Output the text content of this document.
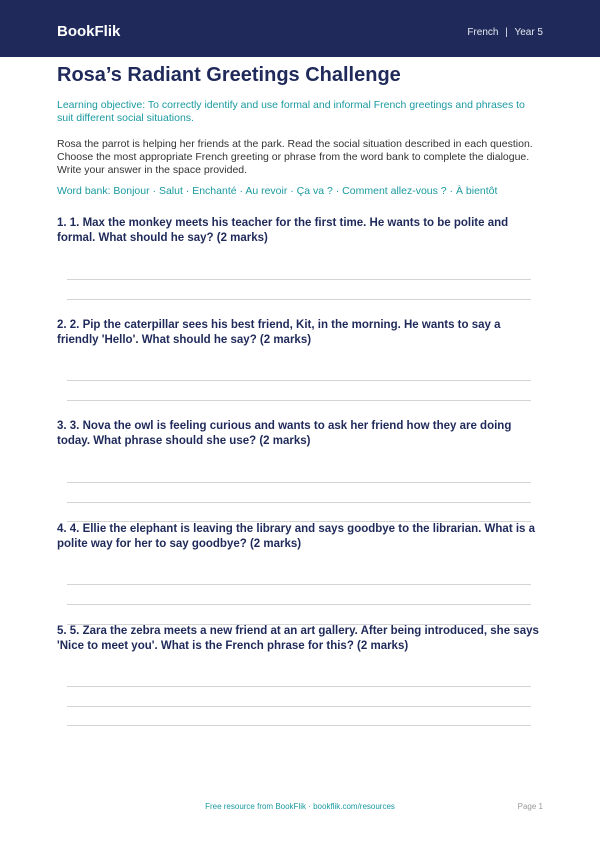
BookFlik	French | Year 5
Rosa’s Radiant Greetings Challenge
Learning objective: To correctly identify and use formal and informal French greetings and phrases to suit different social situations.
Rosa the parrot is helping her friends at the park. Read the social situation described in each question. Choose the most appropriate French greeting or phrase from the word bank to complete the dialogue. Write your answer in the space provided.
Word bank: Bonjour · Salut · Enchanté · Au revoir · Ça va ? · Comment allez-vous ? · À bientôt
1. 1. Max the monkey meets his teacher for the first time. He wants to be polite and formal. What should he say? (2 marks)
2. 2. Pip the caterpillar sees his best friend, Kit, in the morning. He wants to say a friendly 'Hello'. What should he say? (2 marks)
3. 3. Nova the owl is feeling curious and wants to ask her friend how they are doing today. What phrase should she use? (2 marks)
4. 4. Ellie the elephant is leaving the library and says goodbye to the librarian. What is a polite way for her to say goodbye? (2 marks)
5. 5. Zara the zebra meets a new friend at an art gallery. After being introduced, she says 'Nice to meet you'. What is the French phrase for this? (2 marks)
Free resource from BookFlik · bookflik.com/resources	Page 1
